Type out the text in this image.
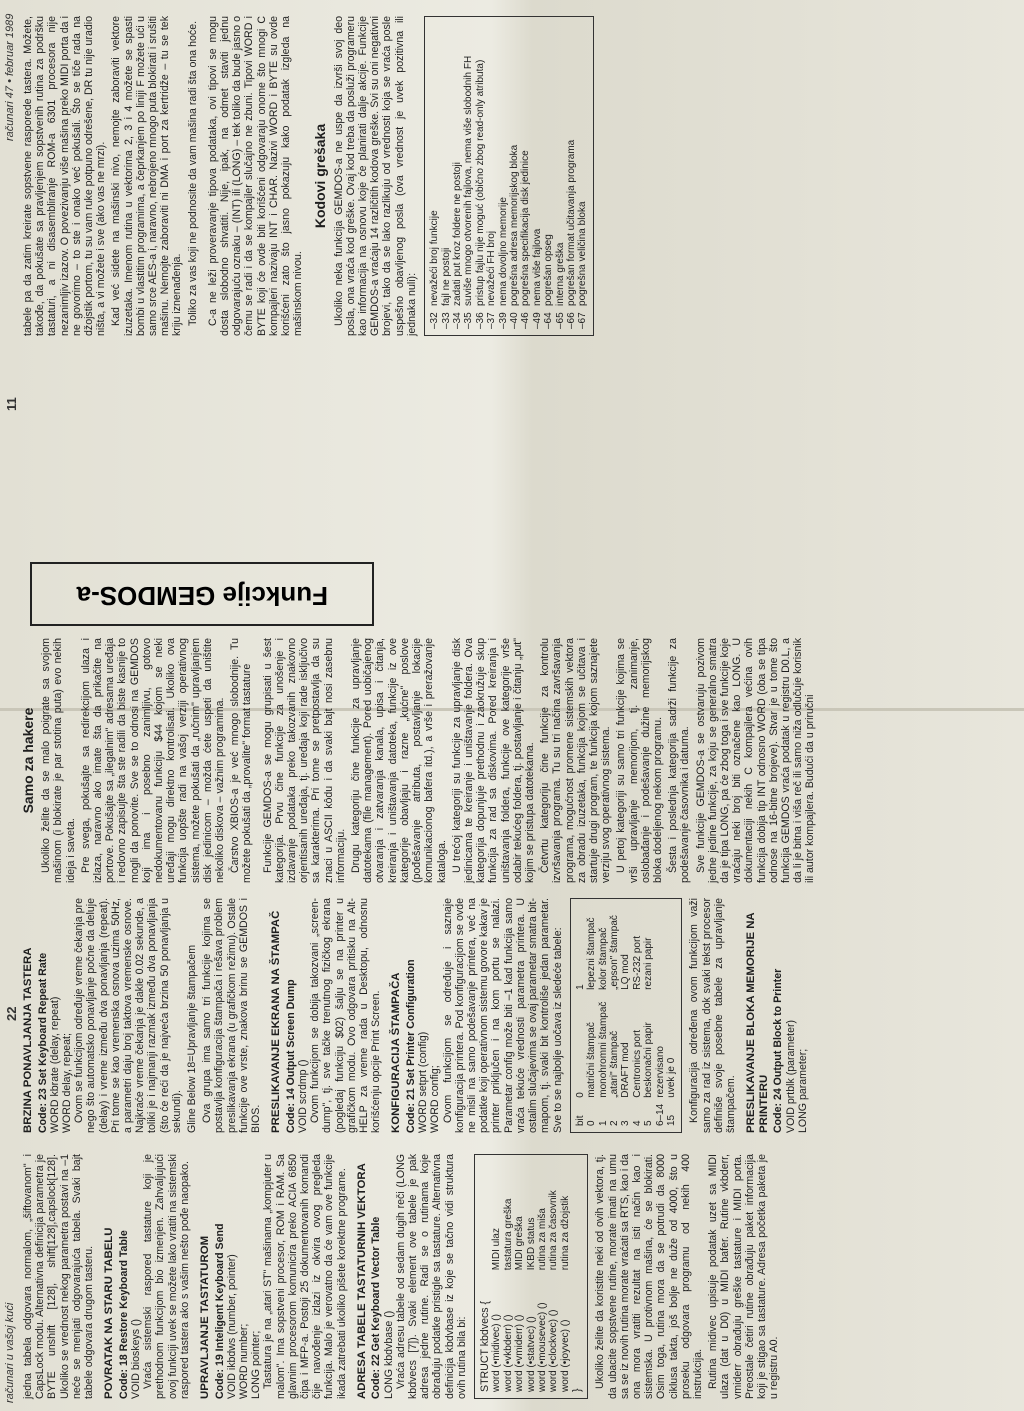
računari u vašoj kući
22
11
računari 47 • februar 1989

jedna tabela odgovara normalom, „šiftovanom" i CapsLock modu. Alternativna definicija parametra je BYTE unshift [128], shift[128],capslock[128]. Ukoliko se vrednost nekog parametra postavi na –1 neće se menjati odgovarajuća tabela. Svaki bajt tabele odgovara drugom tasteru. POVRATAK NA STARU TABELU Code: 18 Restore Keyboard Table VOID bioskeys () Vraća sistemski raspored tastature koji je prethodnom funkcijom bio izmenjen. Zahvaljujući ovoj funkciji uvek se možete lako vratiti na sistemski raspored tastera ako s vašim nešto pođe naopako. UPRAVLJANJE TASTATUROM Code: 19 Inteligent Keyboard Send VOID ikbdws (number, pointer) WORD number; LONG pointer; Tastatura je na „atari ST" mašinama „kompjuter u malom". Ima sopstveni procesor, ROM i RAM. Sa glavnim procesorom komunicira preko ACIA 6850 čipa i MFP-a. Postoji 25 dokumentovanih komandi čije navođenje izlazi iz okvira ovog pregleda funkcija. Malo je verovatno da će vam ove funkcije ikada zatrebati ukoliko pišete korektne programe. ADRESA TABELE TASTATURNIH VEKTORA Code: 22 Get Keyboard Vector Table LONG kbdvbase () Vraća adresu tabele od sedam dugih reči (LONG kbdvecs [7]). Svaki element ove tabele je pak adresa jedne rutine. Radi se o rutinama koje obrađuju podatke pristigle sa tastature. Alternativna definicija kbdvbase iz koje se tačno vidi struktura ovih rutina bila bi: STRUCT kbdvecs { word (•midivec) ()	MIDI ulaz
word (•vkbderr) ()	tastatura greška
word (•vmiderr) ()	MIDI greška
word (•statvec) ()	IKBD status
word (•mousevec) ()	rutina za miša
word (•clockvec) ()	rutina za časovnik
word (•joyvec) ()	rutina za džojstik
}

Ukoliko želite da koristite neki od ovih vektora, tj. da ubacite sopstvene rutine, morate imati na umu sa se iz novih rutina morate vraćati sa RTS, kao i da ona mora vratiti rezultat na isti način kao i sistemska. U protivnom mašina, će se blokirati. Osim toga, rutina mora da se potrudi da 8000 ciklusa takta, još bolje ne duže od 4000, što u proseku odgovara programu od nekih 400 instrukcija. Rutina midivec upisuje podatak uzet sa MIDI ulaza (dat u D0) u MIDI bafer. Rutine vkbderr, vmiderr obrađuju greške tastature i MIDI porta. Preostale četiri rutine obrađuju paket informacija koji je stigao sa tastature. Adresa početka paketa je u registru A0.

BRZINA PONAVLJANJA TASTERA Code: 23 Set Keyboard Repeat Rate WORD kbrate (delay, repeat) WORD delay, repeat; Ovom se funkcijom određuje vreme čekanja pre nego što automatsko ponavljanje počne da deluje (delay) i vreme između dva ponavljanja (repeat). Pri tome se kao vremenska osnova uzima 50Hz, a parametri daju broj taktova vremenske osnove. Najkraće vreme čekanja je dakle 0.02 sekunde, a toliki je i najmanji razmak između dva ponavljanja (što će reći da je najveća brzina 50 ponavljanja u sekundi). Gline Below 18=Upravljanje štampačem Ova grupa ima samo tri funkcije kojima se postavlja konfiguracija štampača i rešava problem preslikavanja ekrana (u grafičkom režimu). Ostale funkcije ove vrste, znakova brinu se GEMDOS i BIOS. PRESLIKAVANJE EKRANA NA ŠTAMPAČ Code: 14 Output Screen Dump VOID scrdmp () Ovom funkcijom se dobija takozvani „screen-dump", tj. sve tačke trenutnog fizičkog ekrana (pogledaj funkciju $02) šalju se na printer u grafičkom modu. Ovo odgovara pritisku na Alt-HELP za vreme rada u Desktopu, odnosnu korišćenju opcije Print Screen. KONFIGURACIJA ŠTAMPAČA Code: 21 Set Printer Configuration WORD setprt (config) WORD config; Ovom funkcijom se određuje i saznaje konfiguracija printera. Pod konfiguracijom se ovde ne misli na samo podešavanje printera, već na podatke koji operativnom sistemu govore kakav je printer priključen i na kom portu se nalazi. Parametar config može biti –1 kad funkcija samo vraća tekuće vrednosti parametra printera. U ostalim slučajevima se ovaj parametar smatra bit-mapom, tj. svaki bit kontroliše jedan parametar. Sve to se najbolje uočava iz sledeće tabele: bit	0	1
0	matrični štampač	lepezni štampač
1	monohromni štampač	kolor štampač
2	„atari" štampač	„epson" štampač
3	DRAFT mod	LQ mod
4	Centronics port	RS-232 port
5	beskonačni papir	rezani papir
6–14	rezervisano	
15	uvek je 0	Konfiguracija određena ovom funkcijom važi samo za rad iz sistema, dok svaki tekst procesor definiše svoje posebne tabele za upravljanje štampačem. PRESLIKAVANJE BLOKA MEMORIJE NA PRINTERU Code: 24 Output Block to Printer VOID prtblk (parameter) LONG parameter;
Samo za hakere Ukoliko želite da se malo poigrate sa svojom mašinom (i blokirate je par stotina puta) evo nekih ideja i saveta. Pre svega, pokušajte sa redirekcijom ulaza i izlaza, naravno ako imate šta da prikačite na portove. Pokušajte sa „ilegalnim" adresama uređaja i redovno zapisujte šta ste radili da biste kasnije to mogli da ponovite. Sve se to odnosi na GEMDOS koji ima i posebno zanimljivu, gotovo nedokumentovanu funkciju $44 kojom se neki uređaji mogu direktno kontrolisati. Ukoliko ova funkcija uopšte radi na vašoj verziji operativnog sistema, možete pokušati da „ručnim" upravljanjem disk jedinicom – možda ćete uspeti da uništite nekoliko diskova – važnim programima. Čarstvo XBIOS-a je već mnogo slobodnije. Tu možete pokušati da „provalite" format tastature Funkcije GEMDOS-a se mogu grupisati u šest kategorija. Prvu čine funkcije za unošenje i izdavanje podataka preko takozvanih znakovno orjentisanih uređaja, tj. uređaja koji rade isključivo sa karakterima. Pri tome se pretpostavlja da su znaci u ASCII kôdu i da svaki bajt nosi zasebnu informaciju. Drugu kategoriju čine funkcije za upravljanje datotekama (file management). Pored uobičajenog otvaranja i zatvaranja kanala, upisa i čitanja, kreiranja i uništavanja datoteka, funkcije iz ove kategorije obavljaju i razne „kućne" poslove (pođešavanje atributa, postavljanje lokacije komunikacionog bafera itd.), a vrše i preražovanje kataloga. U trećoj kategoriji su funkcije za upravljanje disk jedinicama te kreiranje i uništavanje foldera. Ova kategorija dopunjuje prethodnu i zaokružuje skup funkcija za rad sa diskovima. Pored kreiranja i uništavanja foldera, funkcije ove kategorije vrše odabir tekućeg foldera, tj. postavljanje i čitanju „put" kojim se pristupa datotekama. Četvrtu kategoriju čine funkcije za kontrolu izvršavanja programa. Tu su tri načina završavanja programa, mogućnost promene sistemskih vektora za obradu izuzetaka, funkcija kojom se učitava i startuje drugi program, te funkcija kojom saznajete verziju svog operativnog sistema. U petoj kategoriji su samo tri funkcije kojima se vrši upravljanje memorijom, tj. zanimanje, oslobađanje i podešavanje dužine memorijskog bloka dodeljenog nekom programu. Šesta i poslednja kategorija sadrži funkcije za podešavanje časovnika i datuma. Sve funkcije GEMDOS-a se ostvaruju pozivom jedne jedine funkcije, za koju se generalno smatra da je tipa LONG, pa će zbog toga i sve funkcije koje vraćaju neki broj biti označene kao LONG. U dokumentaciji nekih C kompajlera većina ovih funkcija dobija tip INT odnosno WORD (oba se tipa odnose na 16-bitne brojeve). Stvar je u tome što funkcija GEMDOS vraća podatak u registru D0.L, a da li je bitna i viša reč ili samo niža odlučuje korisnik ili autor kompajlera. Budući da u priručni

Funkcije GEMDOS-a

tabele pa da zatim kreirate sopstvene rasporede tastera. Možete, takođe, da pokušate sa pravljenjem sopstvenih rutina za podršku tastaturi, a ni disasembliranje ROM-a 6301 procesora nije nezanimljiv izazov. O povezivanju više mašina preko MIDI porta da i ne govorimo – to ste i onako već pokušali. Što se tiče rada na džojstik portom, tu su vam ruke potpuno odrešene, DR tu nije uradio ništa, a vi možete i sve (ako vas ne mrzi). Kad već sidete na mašinski nivo, nemojte zaboraviti vektore izuzetaka. Imenom rutina u vektorima 2, 3 i 4 možete se spasti bombi u vlastitim programima, a čeprkanjem po liniji F možete ući u samo srce AES-a i, naravno, nebrojeno mnogo puta blokirati i srušiti mašinu. Nemojte zaboraviti ni DMA i port za kertridže – tu se tek kriju iznenađenja. Toliko za vas koji ne podnosite da vam mašina radi šta ona hoće. C-a ne leži proveravanje tipova podataka, ovi tipovi se mogu dosta slobodno shvatiti. Nije, ipak, na odmet staviti jednu odgovarajuću oznaku – (INT) ili (LONG) – tek toliko da bude jasno o čemu se radi i da se kompajler slučajno ne zbuni. Tipovi WORD i BYTE koji će ovde biti korišćeni odgovaraju onome što mnogi C kompajleri nazivaju INT i CHAR. Nazivi WORD i BYTE su ovde korišćeni zato što jasno pokazuju kako podatak izgleda na mašinskom nivou.

Kodovi grešaka Ukoliko neka funkcija GEMDOS-a ne uspe da izvrši svoj deo posla, ona vraća kod greške. Ovaj kod treba da posluži programeru kao informacija na osnovu koje će planirati dalje akcije. Funkcije GEMDOS-a vraćaju 14 različitih kodova greške. Svi su oni negativni brojevi, tako da se lako razlikuju od vrednosti koja se vraća posle uspešno obavljenog posla (ova vrednost je uvek pozitivna ili jednaka nuli): –32	nevažeći broj funkcije
–33	fajl ne postoji
–34	zadati put kroz foldere ne postoji
–35	suviše mnogo otvorenih fajlova, nema više slobodnih FH
–36	pristup fajlu nije moguć (obično zbog read-only atributa)
–37	nevažeći FH broj
–39	nema dovoljno memorije
–40	pogrešna adresa memorijskog bloka
–46	pogrešna specifikacija disk jedinice
–49	nema više fajlova
–64	pogrešan opseg
–65	interna greška
–66	pogrešan format učitavanja programa
–67	pogrešna veličina bloka
